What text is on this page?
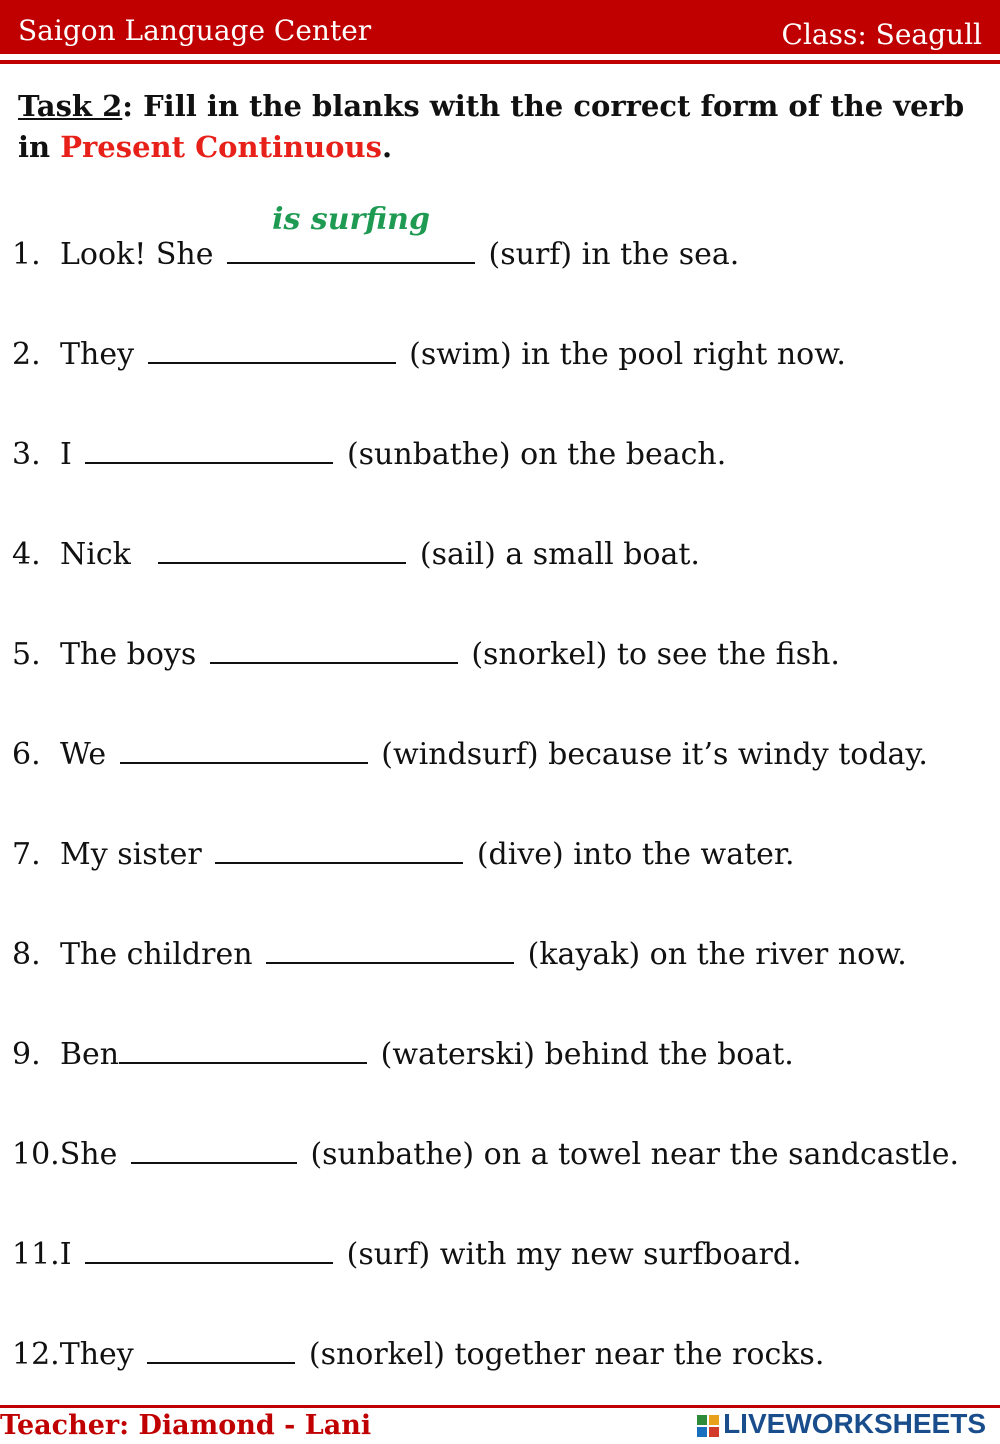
Saigon Language Center	Class: Seagull
Task 2: Fill in the blanks with the correct form of the verb in Present Continuous.
1. Look! She
is surfing
(surf) in the sea.
2. They	(swim) in the pool right now.
3. I	(sunbathe) on the beach.
4. Nick	(sail) a small boat.
5. The boys	(snorkel) to see the fish.
6. We	(windsurf) because it’s windy today.
7. My sister	(dive) into the water.
8. The children	(kayak) on the river now.
9. Ben	(waterski) behind the boat.
10.She	(sunbathe) on a towel near the sandcastle.
11.I	(surf) with my new surfboard.
12.They	(snorkel) together near the rocks.
Teacher: Diamond - Lani	LIVEWORKSHEETS
